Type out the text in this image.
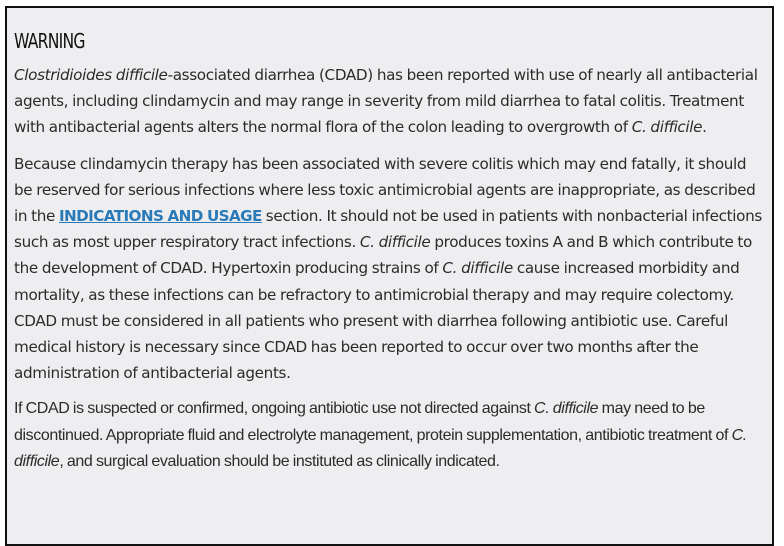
WARNING

Clostridioides difficile-associated diarrhea (CDAD) has been reported with use of nearly all antibacterial agents, including clindamycin and may range in severity from mild diarrhea to fatal colitis. Treatment with antibacterial agents alters the normal flora of the colon leading to overgrowth of C. difficile.

Because clindamycin therapy has been associated with severe colitis which may end fatally, it should be reserved for serious infections where less toxic antimicrobial agents are inappropriate, as described in the INDICATIONS AND USAGE section. It should not be used in patients with nonbacterial infections such as most upper respiratory tract infections. C. difficile produces toxins A and B which contribute to the development of CDAD. Hypertoxin producing strains of C. difficile cause increased morbidity and mortality, as these infections can be refractory to antimicrobial therapy and may require colectomy. CDAD must be considered in all patients who present with diarrhea following antibiotic use. Careful medical history is necessary since CDAD has been reported to occur over two months after the administration of antibacterial agents.

If CDAD is suspected or confirmed, ongoing antibiotic use not directed against C. difficile may need to be discontinued. Appropriate fluid and electrolyte management, protein supplementation, antibiotic treatment of C. difficile, and surgical evaluation should be instituted as clinically indicated.
